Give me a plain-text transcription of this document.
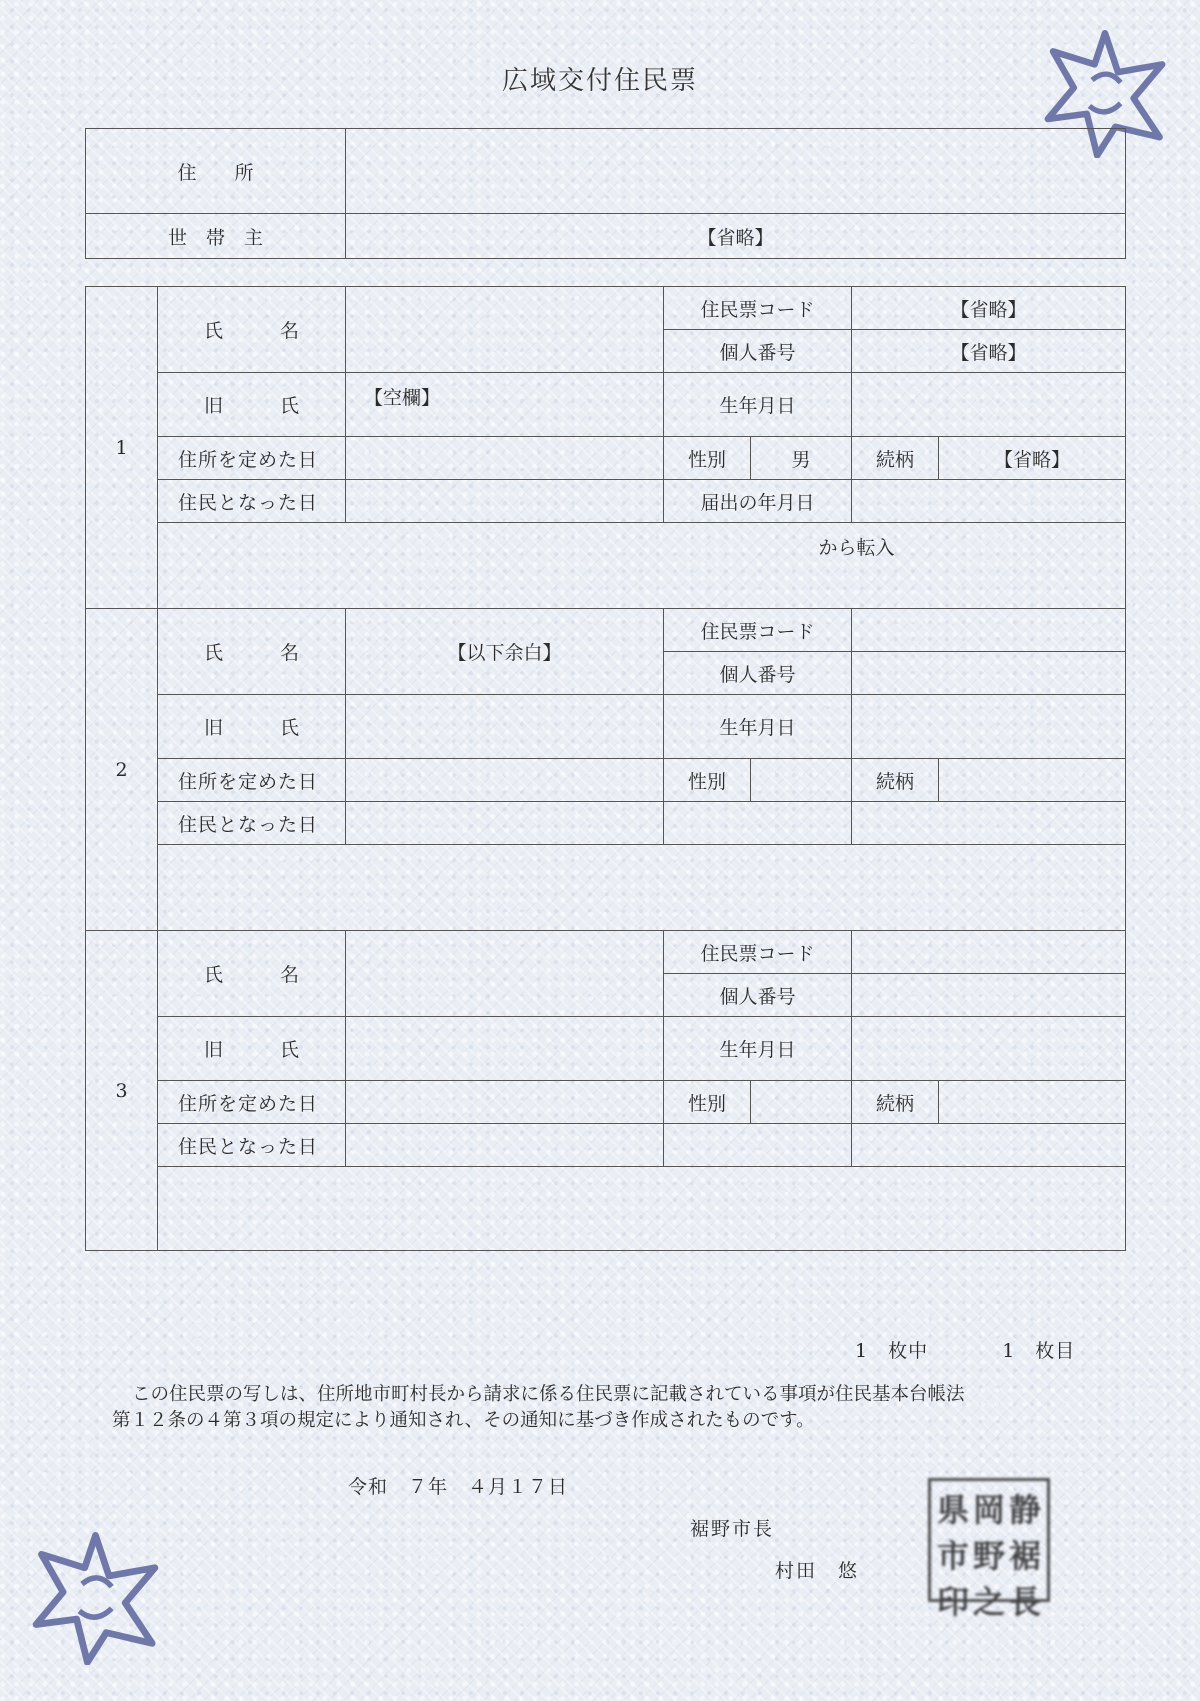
広域交付住民票
住　　所	
世　帯　主	【省略】
1	氏　　　名		住民票コード		【省略】	
			個人番号		【省略】	
	旧　　　氏	【空欄】	生年月日			
	住所を定めた日		性別	男	続柄	【省略】
	住民となった日		届出の年月日			
	から転入					

2	氏　　　名	【以下余白】	住民票コード			
			個人番号			
	旧　　　氏		生年月日			
	住所を定めた日		性別		続柄	
	住民となった日					

3	氏　　　名		住民票コード			
			個人番号			
	旧　　　氏		生年月日			
	住所を定めた日		性別		続柄	
	住民となった日					

1　枚中	1　枚目
この住民票の写しは、住所地市町村長から請求に係る住民票に記載されている事項が住民基本台帳法
第１２条の４第３項の規定により通知され、その通知に基づき作成されたものです。
令和　７年　４月１７日
裾野市長
村田　悠
県 岡 静
市 野 裾
印 之 長
